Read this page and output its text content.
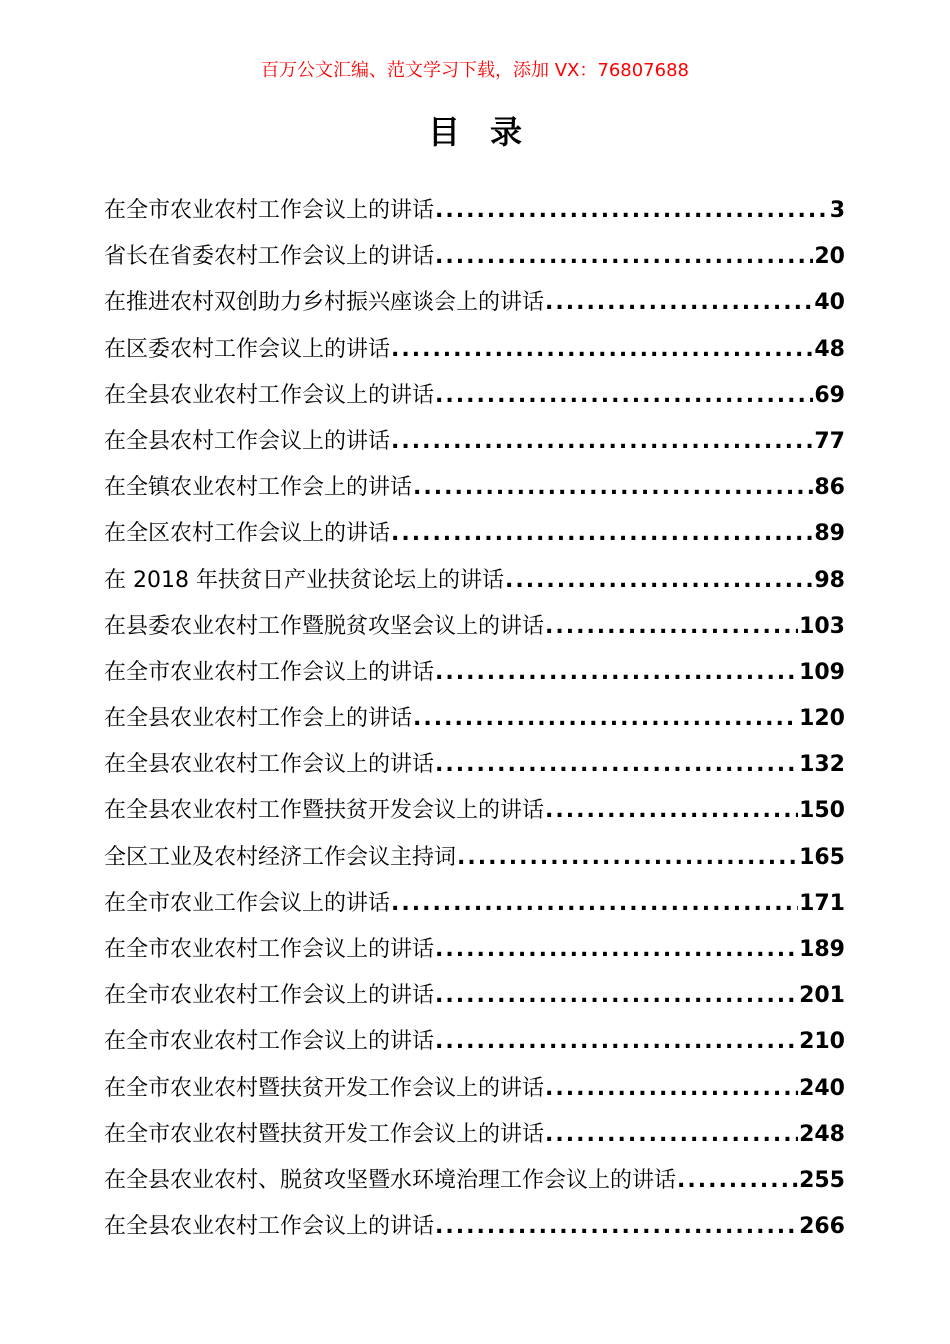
百万公文汇编、范文学习下载，添加 VX：76807688
目录
在全市农业农村工作会议上的讲话 .....	3
省长在省委农村工作会议上的讲话 .....	20
在推进农村双创助力乡村振兴座谈会上的讲话 .....	40
在区委农村工作会议上的讲话 .....	48
在全县农业农村工作会议上的讲话 .....	69
在全县农村工作会议上的讲话 .....	77
在全镇农业农村工作会上的讲话 .....	86
在全区农村工作会议上的讲话 .....	89
在 2018 年扶贫日产业扶贫论坛上的讲话 .....	98
在县委农业农村工作暨脱贫攻坚会议上的讲话 .....	103
在全市农业农村工作会议上的讲话 .....	109
在全县农业农村工作会上的讲话 .....	120
在全县农业农村工作会议上的讲话 .....	132
在全县农业农村工作暨扶贫开发会议上的讲话 .....	150
全区工业及农村经济工作会议主持词 .....	165
在全市农业工作会议上的讲话 .....	171
在全市农业农村工作会议上的讲话 .....	189
在全市农业农村工作会议上的讲话 .....	201
在全市农业农村工作会议上的讲话 .....	210
在全市农业农村暨扶贫开发工作会议上的讲话 .....	240
在全市农业农村暨扶贫开发工作会议上的讲话 .....	248
在全县农业农村、脱贫攻坚暨水环境治理工作会议上的讲话 .....	255
在全县农业农村工作会议上的讲话 .....	266
